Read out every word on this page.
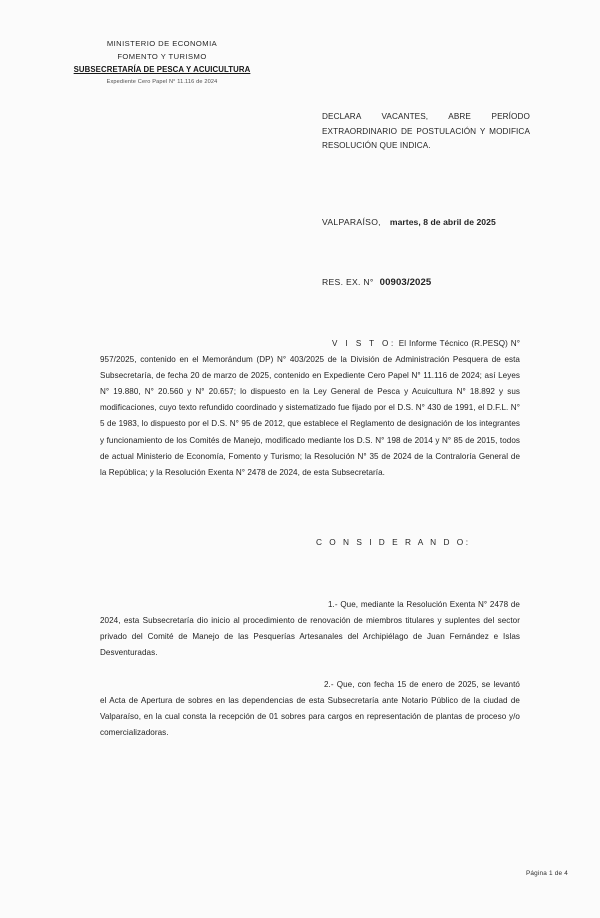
MINISTERIO DE ECONOMIA
FOMENTO Y TURISMO
SUBSECRETARÍA DE PESCA Y ACUICULTURA
Expediente Cero Papel N° 11.116 de 2024
DECLARA VACANTES, ABRE PERÍODO EXTRAORDINARIO DE POSTULACIÓN Y MODIFICA RESOLUCIÓN QUE INDICA.
VALPARAÍSO, martes, 8 de abril de 2025
RES. EX. N° 00903/2025
V I S T O: El Informe Técnico (R.PESQ) N° 957/2025, contenido en el Memorándum (DP) N° 403/2025 de la División de Administración Pesquera de esta Subsecretaría, de fecha 20 de marzo de 2025, contenido en Expediente Cero Papel N° 11.116 de 2024; así Leyes N° 19.880, N° 20.560 y N° 20.657; lo dispuesto en la Ley General de Pesca y Acuicultura N° 18.892 y sus modificaciones, cuyo texto refundido coordinado y sistematizado fue fijado por el D.S. N° 430 de 1991, el D.F.L. N° 5 de 1983, lo dispuesto por el D.S. N° 95 de 2012, que establece el Reglamento de designación de los integrantes y funcionamiento de los Comités de Manejo, modificado mediante los D.S. N° 198 de 2014 y N° 85 de 2015, todos de actual Ministerio de Economía, Fomento y Turismo; la Resolución N° 35 de 2024 de la Contraloría General de la República; y la Resolución Exenta N° 2478 de 2024, de esta Subsecretaría.
C O N S I D E R A N D O:
1.- Que, mediante la Resolución Exenta N° 2478 de 2024, esta Subsecretaría dio inicio al procedimiento de renovación de miembros titulares y suplentes del sector privado del Comité de Manejo de las Pesquerías Artesanales del Archipiélago de Juan Fernández e Islas Desventuradas.
2.- Que, con fecha 15 de enero de 2025, se levantó el Acta de Apertura de sobres en las dependencias de esta Subsecretaría ante Notario Público de la ciudad de Valparaíso, en la cual consta la recepción de 01 sobres para cargos en representación de plantas de proceso y/o comercializadoras.
Página 1 de 4
